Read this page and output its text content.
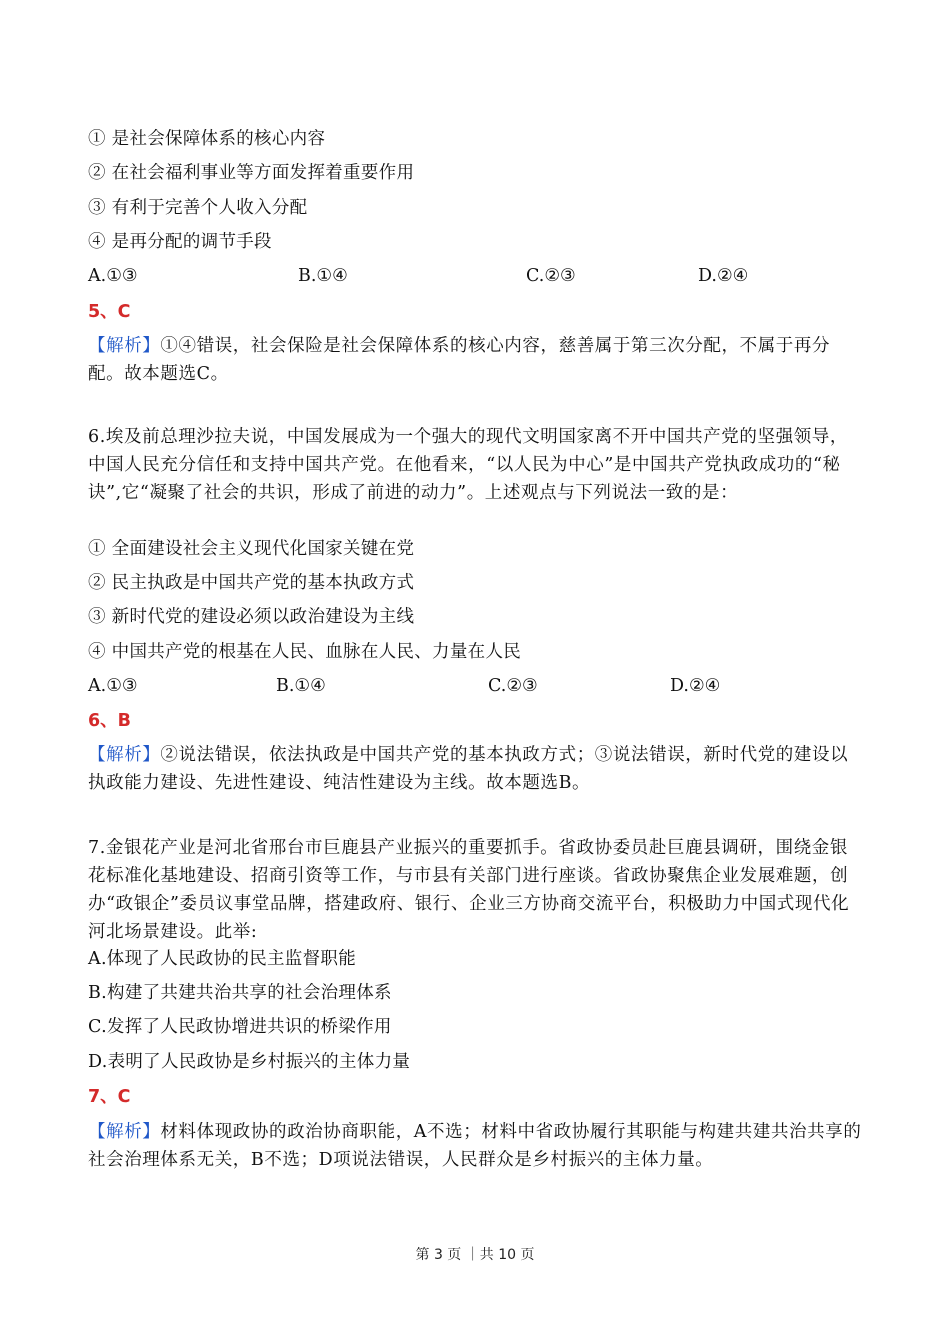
① 是社会保障体系的核心内容
② 在社会福利事业等方面发挥着重要作用
③ 有利于完善个人收入分配
④ 是再分配的调节手段
A.①③	B.①④	C.②③	D.②④
5、C
【解析】①④错误，社会保险是社会保障体系的核心内容，慈善属于第三次分配，不属于再分配。故本题选C。
6.埃及前总理沙拉夫说，中国发展成为一个强大的现代文明国家离不开中国共产党的坚强领导，中国人民充分信任和支持中国共产党。在他看来，“以人民为中心”是中国共产党执政成功的“秘诀”,它“凝聚了社会的共识，形成了前进的动力”。上述观点与下列说法一致的是：
① 全面建设社会主义现代化国家关键在党
② 民主执政是中国共产党的基本执政方式
③ 新时代党的建设必须以政治建设为主线
④ 中国共产党的根基在人民、血脉在人民、力量在人民
A.①③	B.①④	C.②③	D.②④
6、B
【解析】②说法错误，依法执政是中国共产党的基本执政方式；③说法错误，新时代党的建设以执政能力建设、先进性建设、纯洁性建设为主线。故本题选B。
7.金银花产业是河北省邢台市巨鹿县产业振兴的重要抓手。省政协委员赴巨鹿县调研，围绕金银花标准化基地建设、招商引资等工作，与市县有关部门进行座谈。省政协聚焦企业发展难题，创办“政银企”委员议事堂品牌，搭建政府、银行、企业三方协商交流平台，积极助力中国式现代化河北场景建设。此举:
A.体现了人民政协的民主监督职能
B.构建了共建共治共享的社会治理体系
C.发挥了人民政协增进共识的桥梁作用
D.表明了人民政协是乡村振兴的主体力量
7、C
【解析】材料体现政协的政治协商职能，A不选；材料中省政协履行其职能与构建共建共治共享的社会治理体系无关，B不选；D项说法错误，人民群众是乡村振兴的主体力量。
第 3 页 ｜共 10 页
